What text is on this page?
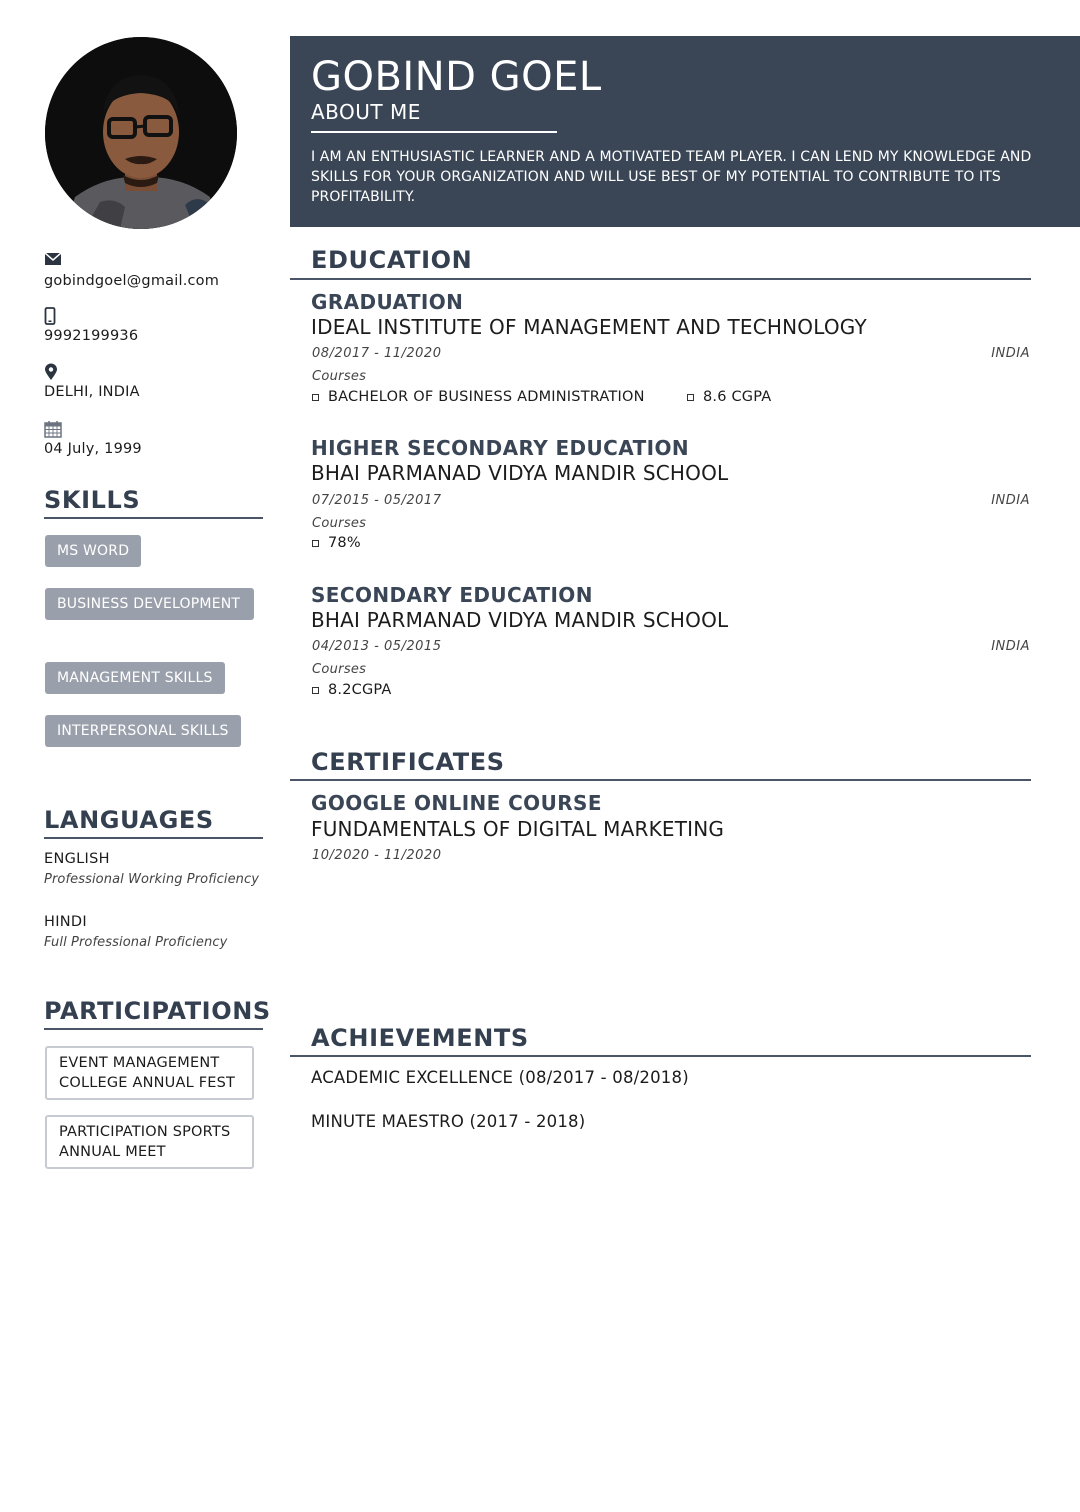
gobindgoel@gmail.com
9992199936
DELHI, INDIA
04 July, 1999
SKILLS
MS WORD
BUSINESS DEVELOPMENT
MANAGEMENT SKILLS
INTERPERSONAL SKILLS
LANGUAGES
ENGLISH
Professional Working Proficiency
HINDI
Full Professional Proficiency
PARTICIPATIONS
EVENT MANAGEMENT COLLEGE ANNUAL FEST
PARTICIPATION SPORTS ANNUAL MEET
GOBIND GOEL
ABOUT ME
I AM AN ENTHUSIASTIC LEARNER AND A MOTIVATED TEAM PLAYER. I CAN LEND MY KNOWLEDGE AND SKILLS FOR YOUR ORGANIZATION AND WILL USE BEST OF MY POTENTIAL TO CONTRIBUTE TO ITS PROFITABILITY.
EDUCATION
GRADUATION
IDEAL INSTITUTE OF MANAGEMENT AND TECHNOLOGY
08/2017 - 11/2020	INDIA
Courses
BACHELOR OF BUSINESS ADMINISTRATION	8.6 CGPA
HIGHER SECONDARY EDUCATION
BHAI PARMANAD VIDYA MANDIR SCHOOL
07/2015 - 05/2017	INDIA
Courses
78%
SECONDARY EDUCATION
BHAI PARMANAD VIDYA MANDIR SCHOOL
04/2013 - 05/2015	INDIA
Courses
8.2CGPA
CERTIFICATES
GOOGLE ONLINE COURSE
FUNDAMENTALS OF DIGITAL MARKETING
10/2020 - 11/2020
ACHIEVEMENTS
ACADEMIC EXCELLENCE (08/2017 - 08/2018)
MINUTE MAESTRO (2017 - 2018)
